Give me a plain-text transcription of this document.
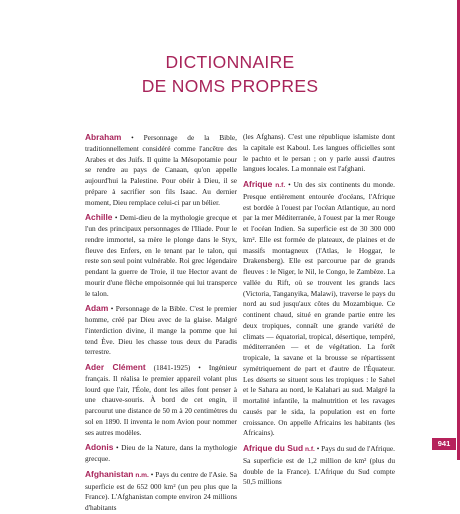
DICTIONNAIRE
DE NOMS PROPRES
Abraham • Personnage de la Bible, traditionnellement considéré comme l'ancêtre des Arabes et des Juifs. Il quitte la Mésopotamie pour se rendre au pays de Canaan, qu'on appelle aujourd'hui la Palestine. Pour obéir à Dieu, il se prépare à sacrifier son fils Isaac. Au dernier moment, Dieu remplace celui-ci par un bélier.
Achille • Demi-dieu de la mythologie grecque et l'un des principaux personnages de l'Iliade. Pour le rendre immortel, sa mère le plonge dans le Styx, fleuve des Enfers, en le tenant par le talon, qui reste son seul point vulnérable. Roi grec légendaire pendant la guerre de Troie, il tue Hector avant de mourir d'une flèche empoisonnée qui lui transperce le talon.
Adam • Personnage de la Bible. C'est le premier homme, créé par Dieu avec de la glaise. Malgré l'interdiction divine, il mange la pomme que lui tend Ève. Dieu les chasse tous deux du Paradis terrestre.
Ader Clément (1841-1925) • Ingénieur français. Il réalisa le premier appareil volant plus lourd que l'air, l'Éole, dont les ailes font penser à une chauve-souris. À bord de cet engin, il parcourut une distance de 50 m à 20 centimètres du sol en 1890. Il inventa le nom Avion pour nommer ses autres modèles.
Adonis • Dieu de la Nature, dans la mythologie grecque.
Afghanistan n.m. • Pays du centre de l'Asie. Sa superficie est de 652 000 km² (un peu plus que la France). L'Afghanistan compte environ 24 millions d'habitants
(les Afghans). C'est une république islamiste dont la capitale est Kaboul. Les langues officielles sont le pachto et le persan ; on y parle aussi d'autres langues locales. La monnaie est l'afghani.
Afrique n.f. • Un des six continents du monde. Presque entièrement entourée d'océans, l'Afrique est bordée à l'ouest par l'océan Atlantique, au nord par la mer Méditerranée, à l'ouest par la mer Rouge et l'océan Indien. Sa superficie est de 30 300 000 km². Elle est formée de plateaux, de plaines et de massifs montagneux (l'Atlas, le Hoggar, le Drakensberg). Elle est parcourue par de grands fleuves : le Niger, le Nil, le Congo, le Zambèze. La vallée du Rift, où se trouvent les grands lacs (Victoria, Tanganyika, Malawi), traverse le pays du nord au sud jusqu'aux côtes du Mozambique. Ce continent chaud, situé en grande partie entre les deux tropiques, connaît une grande variété de climats — équatorial, tropical, désertique, tempéré, méditerranéen — et de végétation. La forêt tropicale, la savane et la brousse se répartissent symétriquement de part et d'autre de l'Équateur. Les déserts se situent sous les tropiques : le Sahel et le Sahara au nord, le Kalahari au sud. Malgré la mortalité infantile, la malnutrition et les ravages causés par le sida, la population est en forte croissance. On appelle Africains les habitants (les Africains).
Afrique du Sud n.f. • Pays du sud de l'Afrique. Sa superficie est de 1,2 million de km² (plus du double de la France). L'Afrique du Sud compte 50,5 millions
941
